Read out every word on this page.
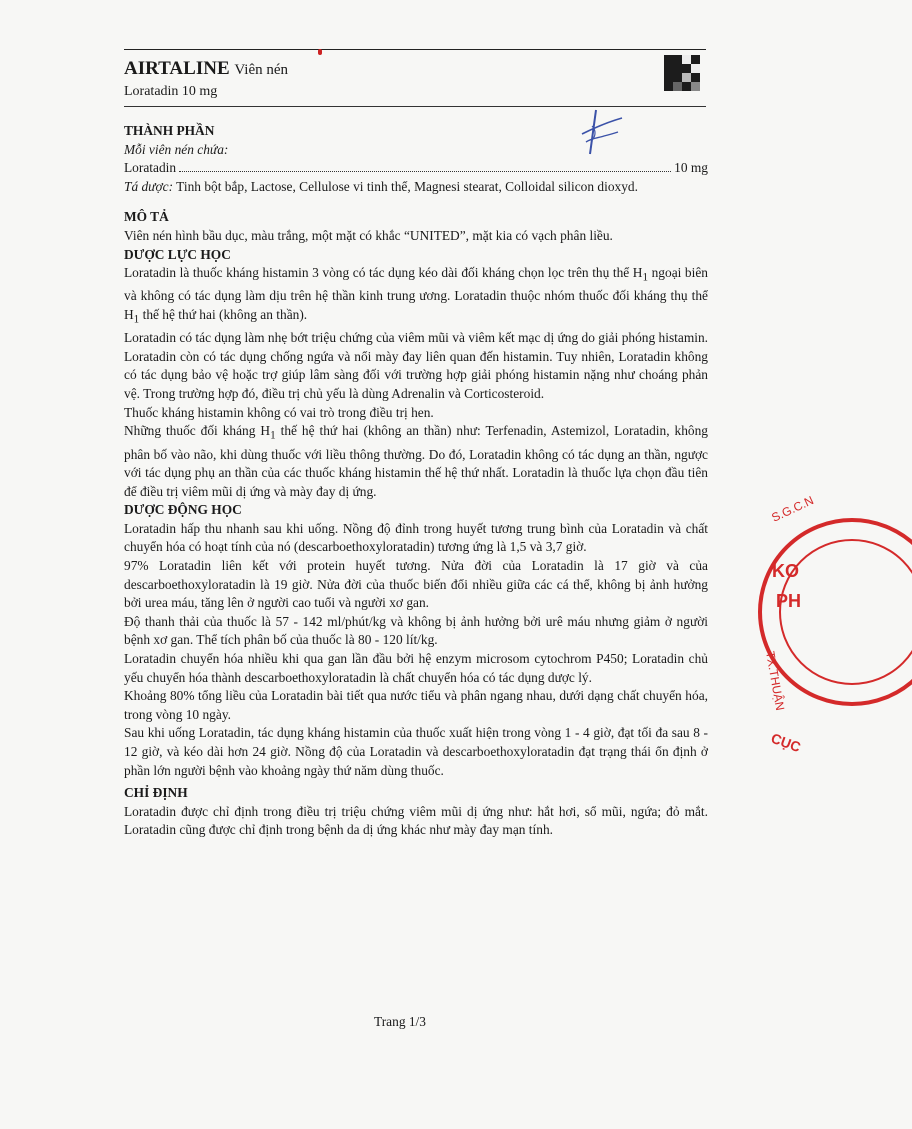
AIRTALINE Viên nén
Loratadin 10 mg

THÀNH PHẦN

Mỗi viên nén chứa:

Loratadin	10 mg

Tá dược: Tinh bột bắp, Lactose, Cellulose vi tinh thể, Magnesi stearat, Colloidal silicon dioxyd.

MÔ TẢ

Viên nén hình bầu dục, màu trắng, một mặt có khắc “UNITED”, mặt kia có vạch phân liều.

DƯỢC LỰC HỌC

Loratadin là thuốc kháng histamin 3 vòng có tác dụng kéo dài đối kháng chọn lọc trên thụ thể $H_1$ ngoại biên và không có tác dụng làm dịu trên hệ thần kinh trung ương. Loratadin thuộc nhóm thuốc đối kháng thụ thể $H_1$ thế hệ thứ hai (không an thần).

Loratadin có tác dụng làm nhẹ bớt triệu chứng của viêm mũi và viêm kết mạc dị ứng do giải phóng histamin. Loratadin còn có tác dụng chống ngứa và nổi mày đay liên quan đến histamin. Tuy nhiên, Loratadin không có tác dụng bảo vệ hoặc trợ giúp lâm sàng đối với trường hợp giải phóng histamin nặng như choáng phản vệ. Trong trường hợp đó, điều trị chủ yếu là dùng Adrenalin và Corticosteroid.

Thuốc kháng histamin không có vai trò trong điều trị hen.

Những thuốc đối kháng $H_1$ thế hệ thứ hai (không an thần) như: Terfenadin, Astemizol, Loratadin, không phân bố vào não, khi dùng thuốc với liều thông thường. Do đó, Loratadin không có tác dụng an thần, ngược với tác dụng phụ an thần của các thuốc kháng histamin thế hệ thứ nhất. Loratadin là thuốc lựa chọn đầu tiên để điều trị viêm mũi dị ứng và mày đay dị ứng.

DƯỢC ĐỘNG HỌC

Loratadin hấp thu nhanh sau khi uống. Nồng độ đỉnh trong huyết tương trung bình của Loratadin và chất chuyển hóa có hoạt tính của nó (descarboethoxyloratadin) tương ứng là 1,5 và 3,7 giờ.

97% Loratadin liên kết với protein huyết tương. Nửa đời của Loratadin là 17 giờ và của descarboethoxyloratadin là 19 giờ. Nửa đời của thuốc biến đổi nhiều giữa các cá thể, không bị ảnh hưởng bởi urea máu, tăng lên ở người cao tuổi và người xơ gan.

Độ thanh thải của thuốc là 57 - 142 ml/phút/kg và không bị ảnh hưởng bởi urê máu nhưng giảm ở người bệnh xơ gan. Thể tích phân bố của thuốc là 80 - 120 lít/kg.

Loratadin chuyển hóa nhiều khi qua gan lần đầu bởi hệ enzym microsom cytochrom P450; Loratadin chủ yếu chuyển hóa thành descarboethoxyloratadin là chất chuyển hóa có tác dụng dược lý.

Khoảng 80% tổng liều của Loratadin bài tiết qua nước tiểu và phân ngang nhau, dưới dạng chất chuyển hóa, trong vòng 10 ngày.

Sau khi uống Loratadin, tác dụng kháng histamin của thuốc xuất hiện trong vòng 1 - 4 giờ, đạt tối đa sau 8 - 12 giờ, và kéo dài hơn 24 giờ. Nồng độ của Loratadin và descarboethoxyloratadin đạt trạng thái ổn định ở phần lớn người bệnh vào khoảng ngày thứ năm dùng thuốc.

CHỈ ĐỊNH

Loratadin được chỉ định trong điều trị triệu chứng viêm mũi dị ứng như: hắt hơi, sổ mũi, ngứa; đỏ mắt. Loratadin cũng được chỉ định trong bệnh da dị ứng khác như mày đay mạn tính.

Trang 1/3
S.G.C.N
KO
PH
TX.THUẬN
CỤC
